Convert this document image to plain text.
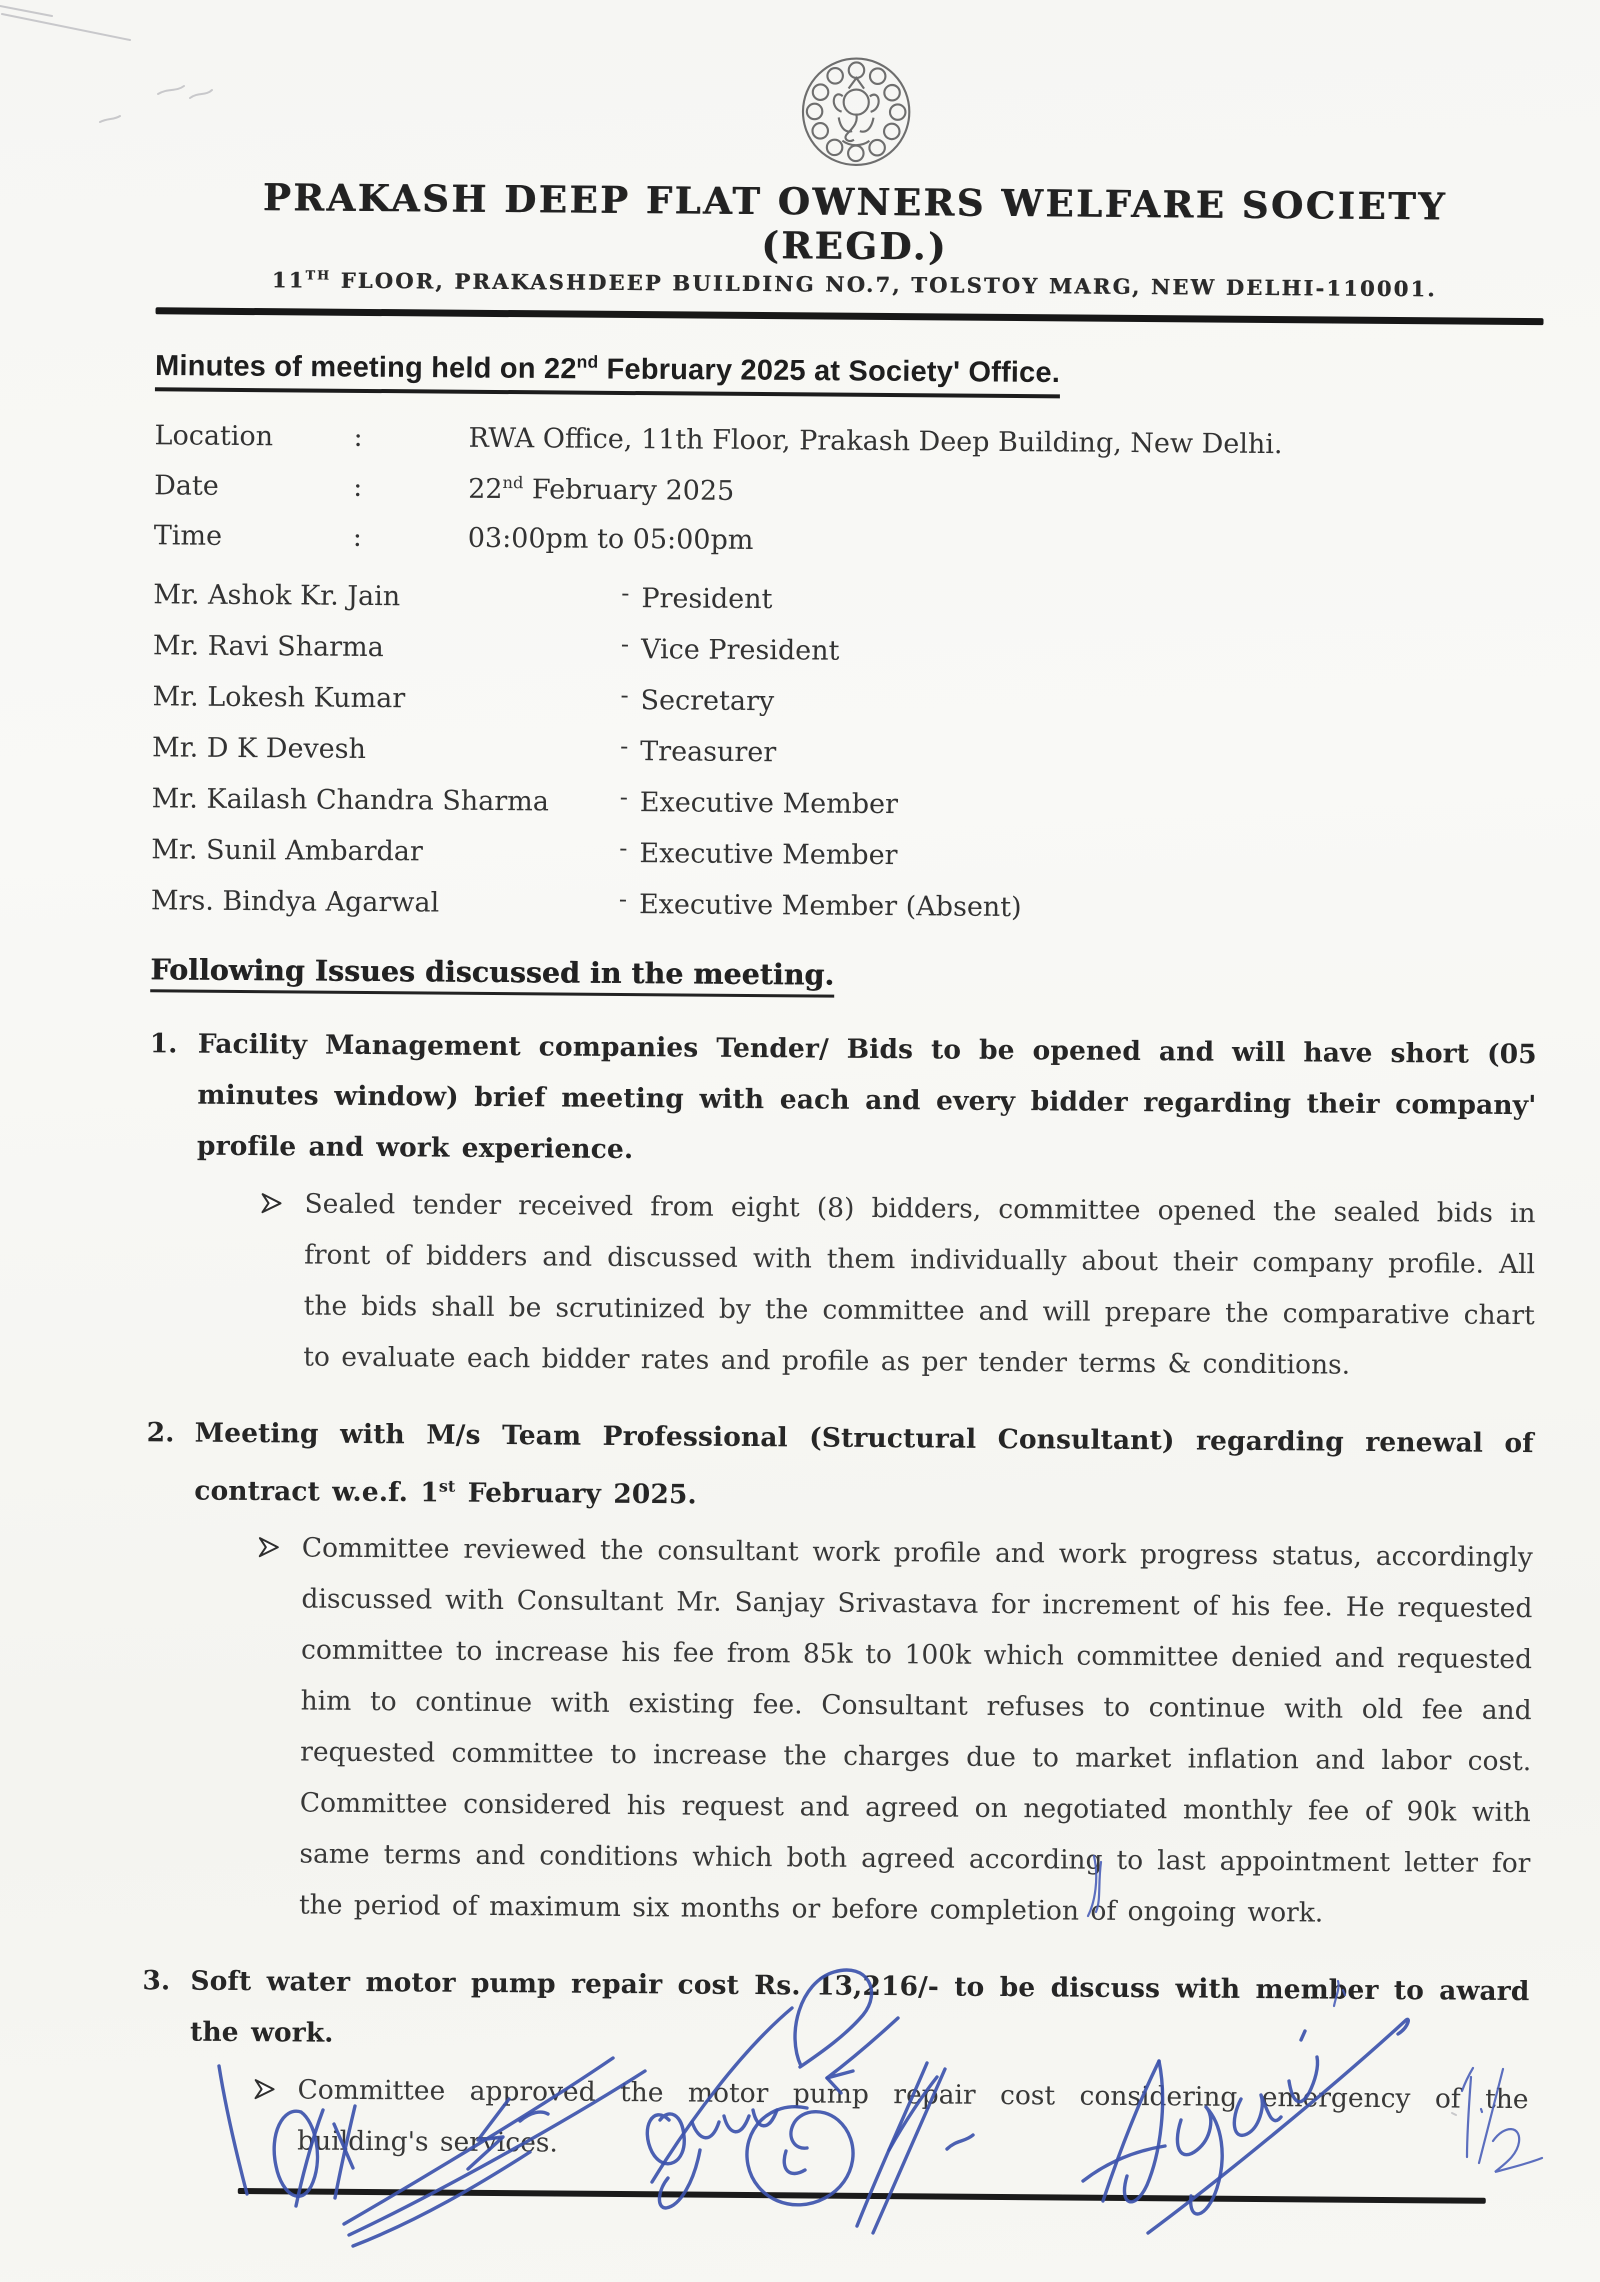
PRAKASH DEEP FLAT OWNERS WELFARE SOCIETY (REGD.)
11TH FLOOR, PRAKASHDEEP BUILDING NO.7, TOLSTOY MARG, NEW DELHI-110001.
Minutes of meeting held on 22nd February 2025 at Society' Office.
Location	:	RWA Office, 11th Floor, Prakash Deep Building, New Delhi.
Date	:	22nd February 2025
Time	:	03:00pm to 05:00pm
Mr. Ashok Kr. Jain	- President
Mr. Ravi Sharma	- Vice President
Mr. Lokesh Kumar	- Secretary
Mr. D K Devesh	- Treasurer
Mr. Kailash Chandra Sharma	- Executive Member
Mr. Sunil Ambardar	- Executive Member
Mrs. Bindya Agarwal	- Executive Member (Absent)
Following Issues discussed in the meeting.
1. Facility Management companies Tender/ Bids to be opened and will have short (05 minutes window) brief meeting with each and every bidder regarding their company' profile and work experience.
Sealed tender received from eight (8) bidders, committee opened the sealed bids in front of bidders and discussed with them individually about their company profile. All the bids shall be scrutinized by the committee and will prepare the comparative chart to evaluate each bidder rates and profile as per tender terms & conditions.
2. Meeting with M/s Team Professional (Structural Consultant) regarding renewal of contract w.e.f. 1st February 2025.
Committee reviewed the consultant work profile and work progress status, accordingly discussed with Consultant Mr. Sanjay Srivastava for increment of his fee. He requested committee to increase his fee from 85k to 100k which committee denied and requested him to continue with existing fee. Consultant refuses to continue with old fee and requested committee to increase the charges due to market inflation and labor cost. Committee considered his request and agreed on negotiated monthly fee of 90k with same terms and conditions which both agreed according to last appointment letter for the period of maximum six months or before completion of ongoing work.
3. Soft water motor pump repair cost Rs. 13,216/- to be discuss with member to award the work.
Committee approved the motor pump repair cost considering emergency of the building's services.
